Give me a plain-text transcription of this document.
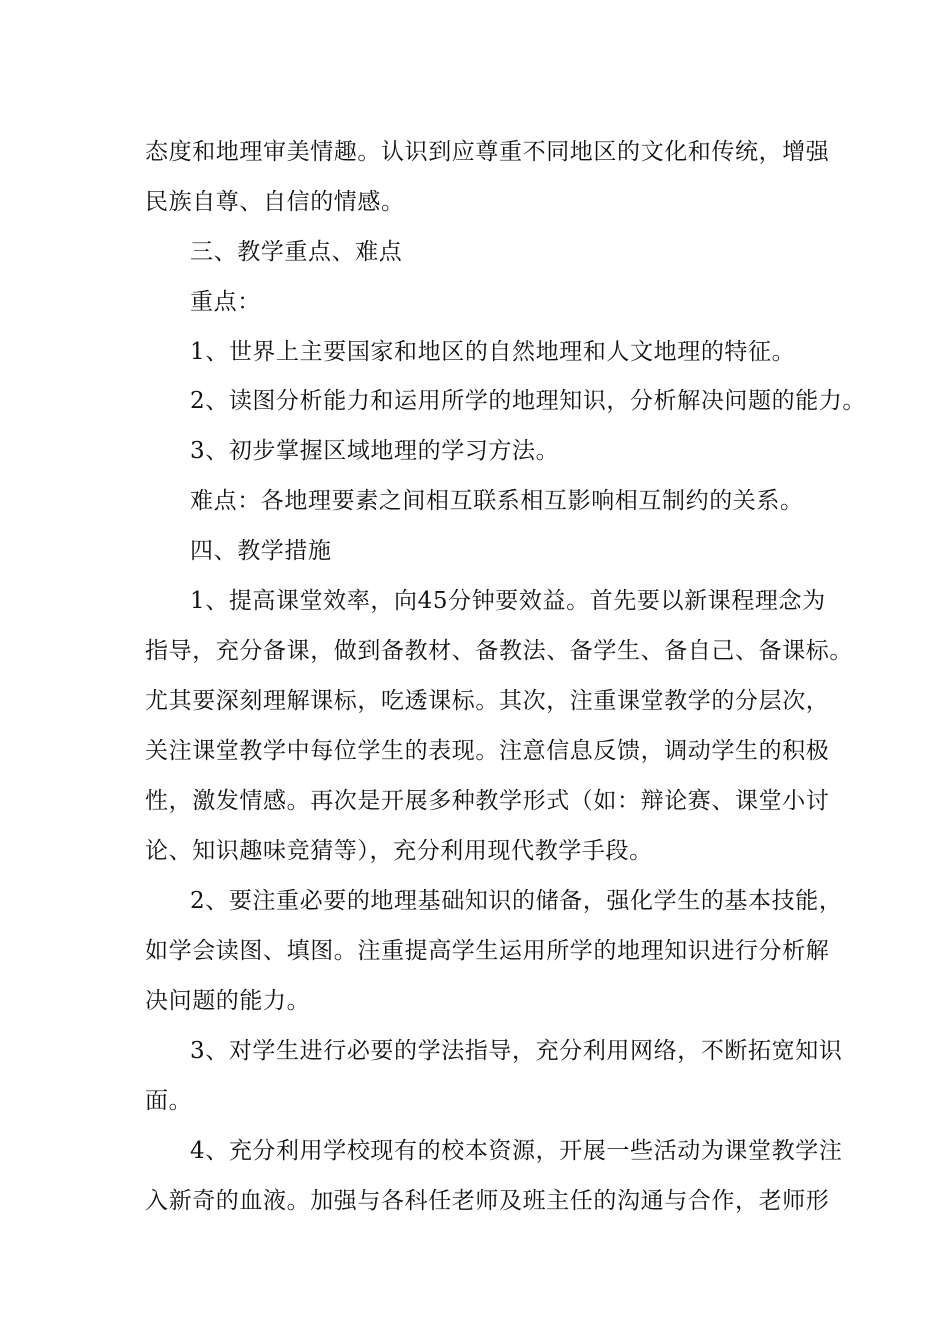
态度和地理审美情趣。认识到应尊重不同地区的文化和传统，增强
民族自尊、自信的情感。
三、教学重点、难点
重点：
1、世界上主要国家和地区的自然地理和人文地理的特征。
2、读图分析能力和运用所学的地理知识，分析解决问题的能力。
3、初步掌握区域地理的学习方法。
难点：各地理要素之间相互联系相互影响相互制约的关系。
四、教学措施
1、提高课堂效率，向45分钟要效益。首先要以新课程理念为
指导，充分备课，做到备教材、备教法、备学生、备自己、备课标。
尤其要深刻理解课标，吃透课标。其次，注重课堂教学的分层次，
关注课堂教学中每位学生的表现。注意信息反馈，调动学生的积极
性，激发情感。再次是开展多种教学形式（如：辩论赛、课堂小讨
论、知识趣味竞猜等），充分利用现代教学手段。
2、要注重必要的地理基础知识的储备，强化学生的基本技能，
如学会读图、填图。注重提高学生运用所学的地理知识进行分析解
决问题的能力。
3、对学生进行必要的学法指导，充分利用网络，不断拓宽知识
面。
4、充分利用学校现有的校本资源，开展一些活动为课堂教学注
入新奇的血液。加强与各科任老师及班主任的沟通与合作，老师形
